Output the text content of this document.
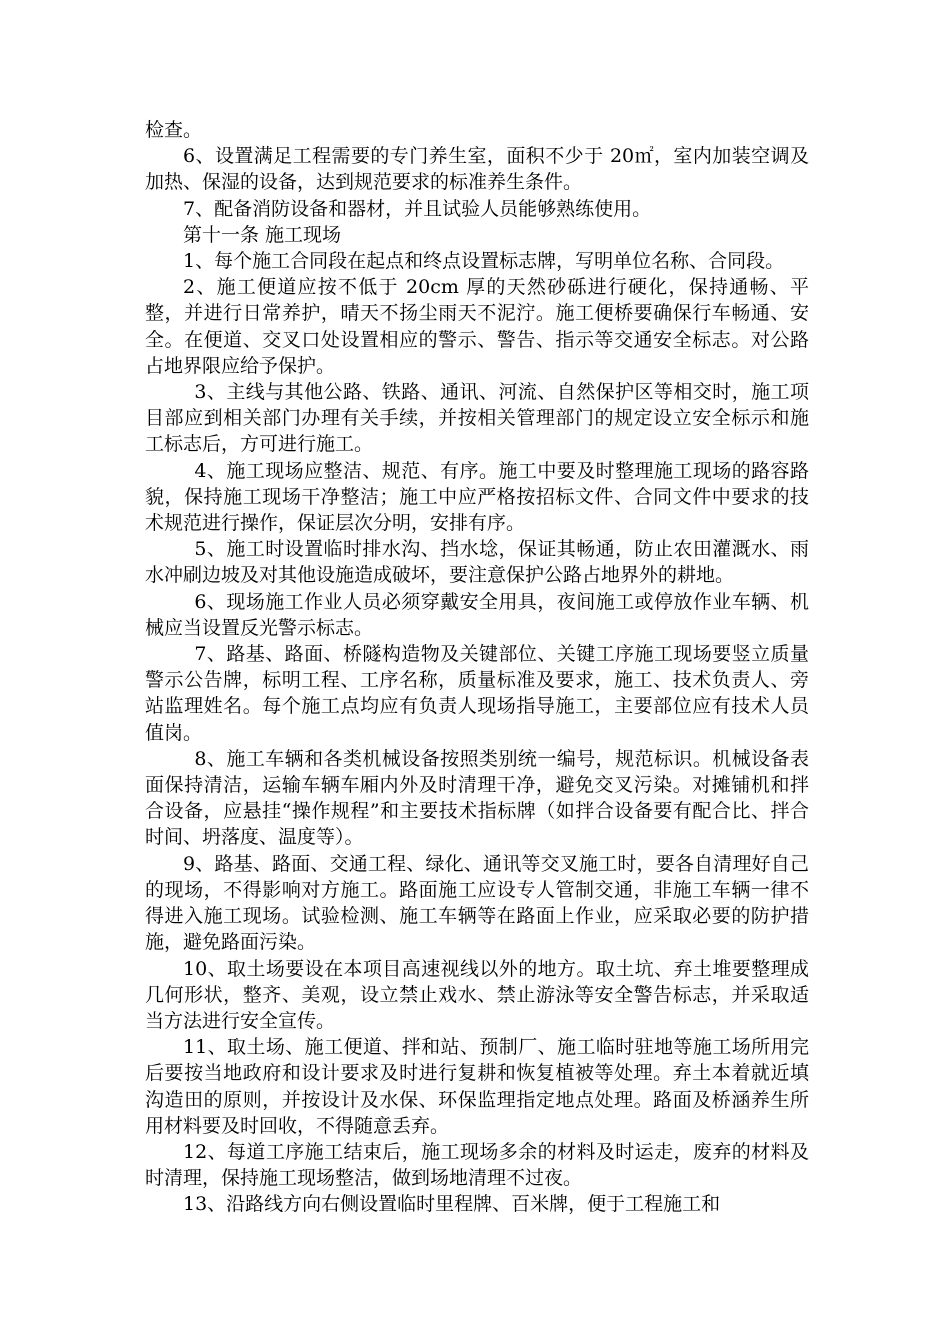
检查。

6、设置满足工程需要的专门养生室，面积不少于 20㎡，室内加装空调及加热、保湿的设备，达到规范要求的标准养生条件。

7、配备消防设备和器材，并且试验人员能够熟练使用。

第十一条 施工现场

1、每个施工合同段在起点和终点设置标志牌，写明单位名称、合同段。

2、施工便道应按不低于 20cm 厚的天然砂砾进行硬化，保持通畅、平整，并进行日常养护，晴天不扬尘雨天不泥泞。施工便桥要确保行车畅通、安全。在便道、交叉口处设置相应的警示、警告、指示等交通安全标志。对公路占地界限应给予保护。

3、主线与其他公路、铁路、通讯、河流、自然保护区等相交时，施工项目部应到相关部门办理有关手续，并按相关管理部门的规定设立安全标示和施工标志后，方可进行施工。

4、施工现场应整洁、规范、有序。施工中要及时整理施工现场的路容路貌，保持施工现场干净整洁；施工中应严格按招标文件、合同文件中要求的技术规范进行操作，保证层次分明，安排有序。

5、施工时设置临时排水沟、挡水埝，保证其畅通，防止农田灌溉水、雨水冲刷边坡及对其他设施造成破坏，要注意保护公路占地界外的耕地。

6、现场施工作业人员必须穿戴安全用具，夜间施工或停放作业车辆、机械应当设置反光警示标志。

7、路基、路面、桥隧构造物及关键部位、关键工序施工现场要竖立质量警示公告牌，标明工程、工序名称，质量标准及要求，施工、技术负责人、旁站监理姓名。每个施工点均应有负责人现场指导施工，主要部位应有技术人员值岗。

8、施工车辆和各类机械设备按照类别统一编号，规范标识。机械设备表面保持清洁，运输车辆车厢内外及时清理干净，避免交叉污染。对摊铺机和拌合设备，应悬挂“操作规程”和主要技术指标牌（如拌合设备要有配合比、拌合时间、坍落度、温度等）。

9、路基、路面、交通工程、绿化、通讯等交叉施工时，要各自清理好自己的现场，不得影响对方施工。路面施工应设专人管制交通，非施工车辆一律不得进入施工现场。试验检测、施工车辆等在路面上作业，应采取必要的防护措施，避免路面污染。

10、取土场要设在本项目高速视线以外的地方。取土坑、弃土堆要整理成几何形状，整齐、美观，设立禁止戏水、禁止游泳等安全警告标志，并采取适当方法进行安全宣传。

11、取土场、施工便道、拌和站、预制厂、施工临时驻地等施工场所用完后要按当地政府和设计要求及时进行复耕和恢复植被等处理。弃土本着就近填沟造田的原则，并按设计及水保、环保监理指定地点处理。路面及桥涵养生所用材料要及时回收，不得随意丢弃。

12、每道工序施工结束后，施工现场多余的材料及时运走，废弃的材料及时清理，保持施工现场整洁，做到场地清理不过夜。

13、沿路线方向右侧设置临时里程牌、百米牌，便于工程施工和
